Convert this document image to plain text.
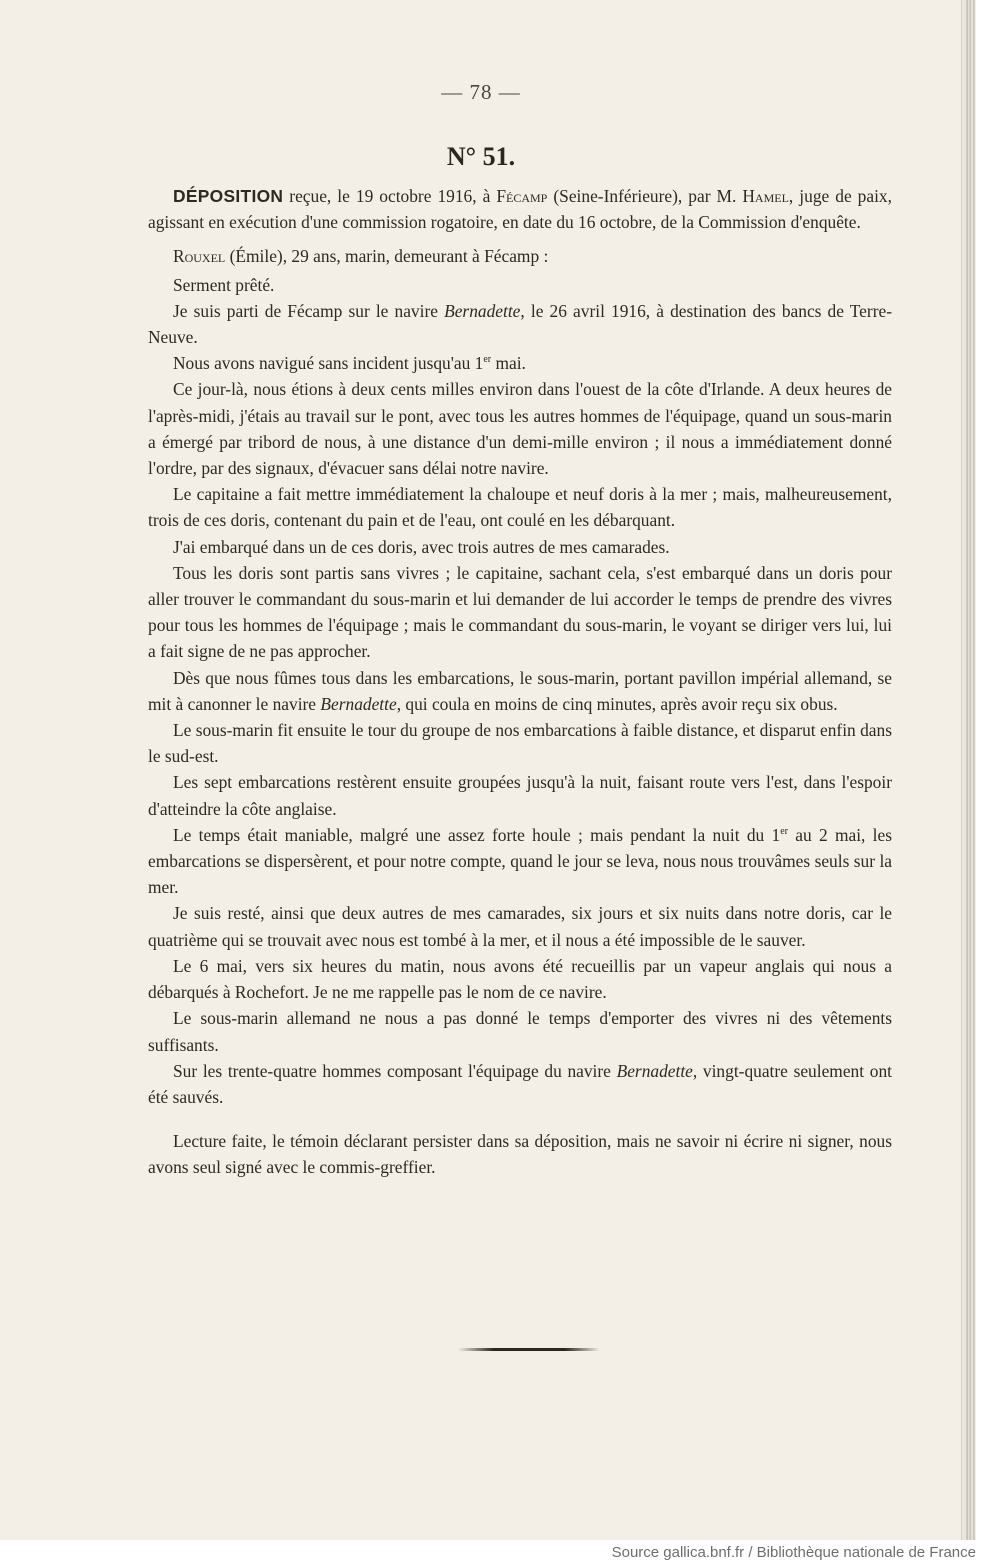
— 78 —
N° 51.

DÉPOSITION reçue, le 19 octobre 1916, à Fécamp (Seine-Inférieure), par M. Hamel, juge de paix, agissant en exécution d'une commission rogatoire, en date du 16 octobre, de la Commission d'enquête.

Rouxel (Émile), 29 ans, marin, demeurant à Fécamp :

Serment prêté.

Je suis parti de Fécamp sur le navire Bernadette, le 26 avril 1916, à destination des bancs de Terre-Neuve.

Nous avons navigué sans incident jusqu'au 1er mai.

Ce jour-là, nous étions à deux cents milles environ dans l'ouest de la côte d'Irlande. A deux heures de l'après-midi, j'étais au travail sur le pont, avec tous les autres hommes de l'équipage, quand un sous-marin a émergé par tribord de nous, à une distance d'un demi-mille environ ; il nous a immédiatement donné l'ordre, par des signaux, d'évacuer sans délai notre navire.

Le capitaine a fait mettre immédiatement la chaloupe et neuf doris à la mer ; mais, malheureusement, trois de ces doris, contenant du pain et de l'eau, ont coulé en les débarquant.

J'ai embarqué dans un de ces doris, avec trois autres de mes camarades.

Tous les doris sont partis sans vivres ; le capitaine, sachant cela, s'est embarqué dans un doris pour aller trouver le commandant du sous-marin et lui demander de lui accorder le temps de prendre des vivres pour tous les hommes de l'équipage ; mais le commandant du sous-marin, le voyant se diriger vers lui, lui a fait signe de ne pas approcher.

Dès que nous fûmes tous dans les embarcations, le sous-marin, portant pavillon impérial allemand, se mit à canonner le navire Bernadette, qui coula en moins de cinq minutes, après avoir reçu six obus.

Le sous-marin fit ensuite le tour du groupe de nos embarcations à faible distance, et disparut enfin dans le sud-est.

Les sept embarcations restèrent ensuite groupées jusqu'à la nuit, faisant route vers l'est, dans l'espoir d'atteindre la côte anglaise.

Le temps était maniable, malgré une assez forte houle ; mais pendant la nuit du 1er au 2 mai, les embarcations se dispersèrent, et pour notre compte, quand le jour se leva, nous nous trouvâmes seuls sur la mer.

Je suis resté, ainsi que deux autres de mes camarades, six jours et six nuits dans notre doris, car le quatrième qui se trouvait avec nous est tombé à la mer, et il nous a été impossible de le sauver.

Le 6 mai, vers six heures du matin, nous avons été recueillis par un vapeur anglais qui nous a débarqués à Rochefort. Je ne me rappelle pas le nom de ce navire.

Le sous-marin allemand ne nous a pas donné le temps d'emporter des vivres ni des vêtements suffisants.

Sur les trente-quatre hommes composant l'équipage du navire Bernadette, vingt-quatre seulement ont été sauvés.

Lecture faite, le témoin déclarant persister dans sa déposition, mais ne savoir ni écrire ni signer, nous avons seul signé avec le commis-greffier.

Source gallica.bnf.fr / Bibliothèque nationale de France
